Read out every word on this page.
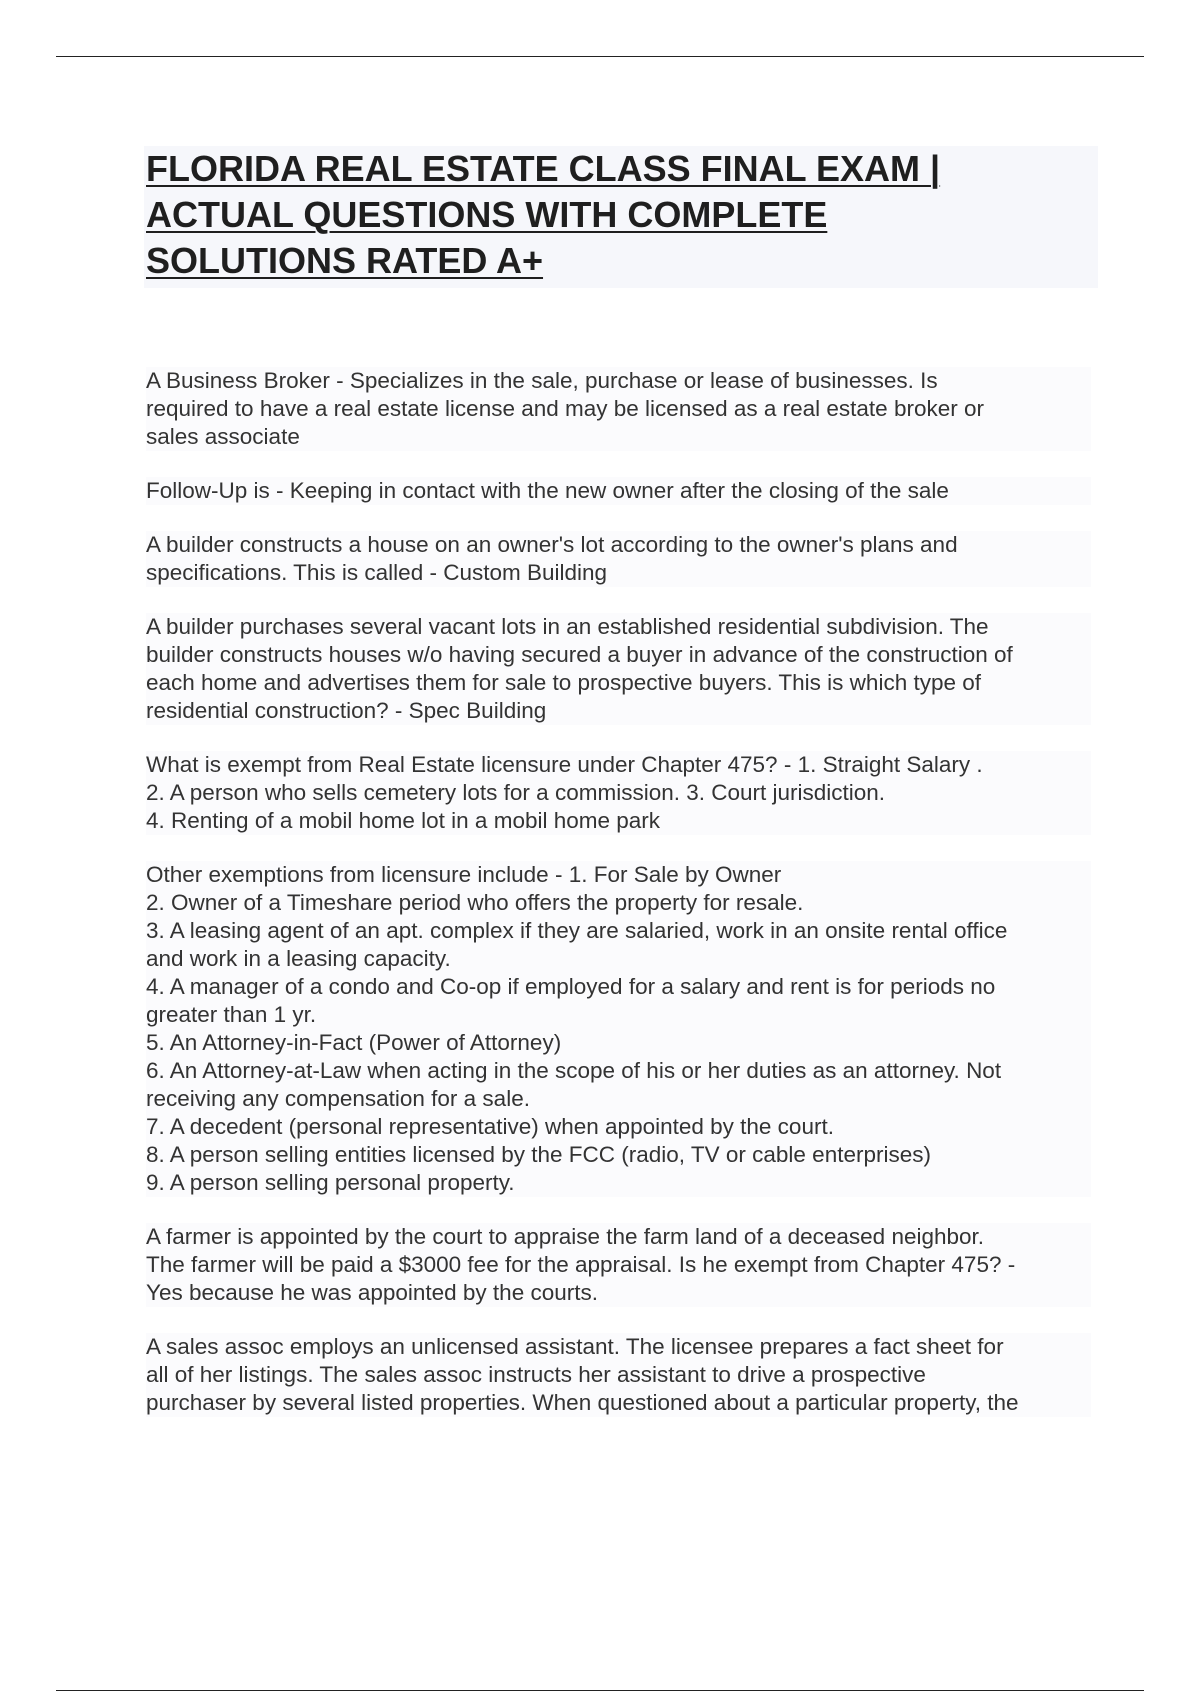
FLORIDA REAL ESTATE CLASS FINAL EXAM |
ACTUAL QUESTIONS WITH COMPLETE
SOLUTIONS RATED A+

A Business Broker - Specializes in the sale, purchase or lease of businesses. Is
required to have a real estate license and may be licensed as a real estate broker or
sales associate

Follow-Up is - Keeping in contact with the new owner after the closing of the sale

A builder constructs a house on an owner's lot according to the owner's plans and
specifications. This is called - Custom Building

A builder purchases several vacant lots in an established residential subdivision. The
builder constructs houses w/o having secured a buyer in advance of the construction of
each home and advertises them for sale to prospective buyers. This is which type of
residential construction? - Spec Building

What is exempt from Real Estate licensure under Chapter 475? - 1. Straight Salary .
2. A person who sells cemetery lots for a commission. 3. Court jurisdiction.
4. Renting of a mobil home lot in a mobil home park

Other exemptions from licensure include - 1. For Sale by Owner
2. Owner of a Timeshare period who offers the property for resale.
3. A leasing agent of an apt. complex if they are salaried, work in an onsite rental office
and work in a leasing capacity.
4. A manager of a condo and Co-op if employed for a salary and rent is for periods no
greater than 1 yr.
5. An Attorney-in-Fact (Power of Attorney)
6. An Attorney-at-Law when acting in the scope of his or her duties as an attorney. Not
receiving any compensation for a sale.
7. A decedent (personal representative) when appointed by the court.
8. A person selling entities licensed by the FCC (radio, TV or cable enterprises)
9. A person selling personal property.

A farmer is appointed by the court to appraise the farm land of a deceased neighbor.
The farmer will be paid a $3000 fee for the appraisal. Is he exempt from Chapter 475? -
Yes because he was appointed by the courts.

A sales assoc employs an unlicensed assistant. The licensee prepares a fact sheet for
all of her listings. The sales assoc instructs her assistant to drive a prospective
purchaser by several listed properties. When questioned about a particular property, the
